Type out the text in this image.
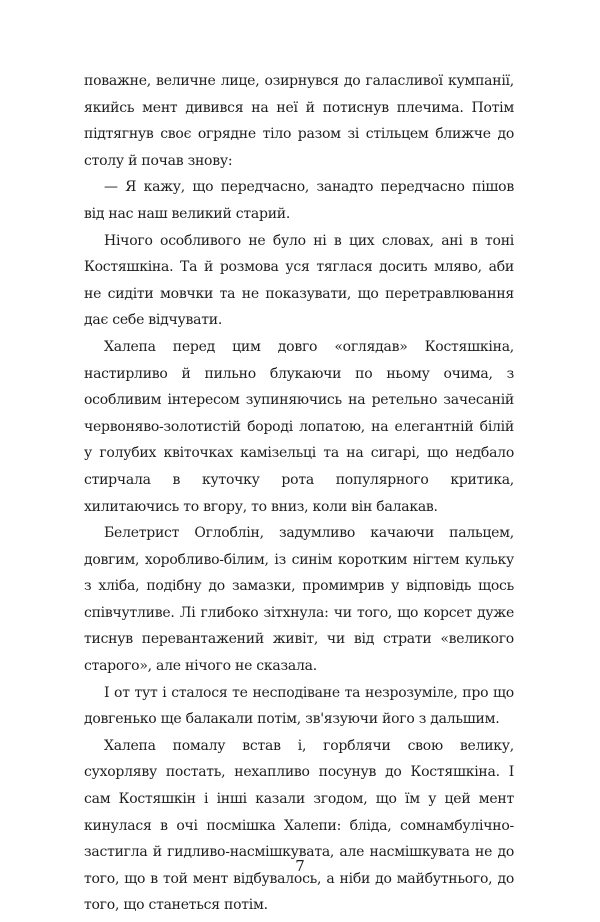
поважне, величне лице, озирнувся до галасливої кумпанії, якийсь мент дивився на неї й потиснув плечима. Потім підтягнув своє огрядне тіло разом зі стільцем ближче до столу й почав знову:

— Я кажу, що передчасно, занадто передчасно пішов від нас наш великий старий.

Нічого особливого не було ні в цих словах, ані в тоні Костяшкіна. Та й розмова уся тяглася досить мляво, аби не сидіти мовчки та не показувати, що перетравлювання дає себе відчувати.

Халепа перед цим довго «оглядав» Костяшкіна, настирливо й пильно блукаючи по ньому очима, з особливим інтересом зупиняючись на ретельно зачесаній червоняво-золотистій бороді лопатою, на елегантній білій у голубих квіточках камізельці та на сигарі, що недбало стирчала в куточку рота популярного критика, хилитаючись то вгору, то вниз, коли він балакав.

Белетрист Оглоблін, задумливо качаючи пальцем, довгим, хоробливо-білим, із синім коротким нігтем кульку з хліба, подібну до замазки, промимрив у відповідь щось співчутливе. Лі глибоко зітхнула: чи того, що корсет дуже тиснув перевантажений живіт, чи від страти «великого старого», але нічого не сказала.

І от тут і сталося те несподіване та незрозуміле, про що довгенько ще балакали потім, зв'язуючи його з дальшим.

Халепа помалу встав і, горблячи свою велику, сухорляву постать, нехапливо посунув до Костяшкіна. І сам Костяшкін і інші казали згодом, що їм у цей мент кинулася в очі посмішка Халепи: бліда, сомнамбулічно-застигла й гидливо-насмішкувата, але насмішкувата не до того, що в той мент відбувалось, а ніби до майбутнього, до того, що станеться потім.

7
